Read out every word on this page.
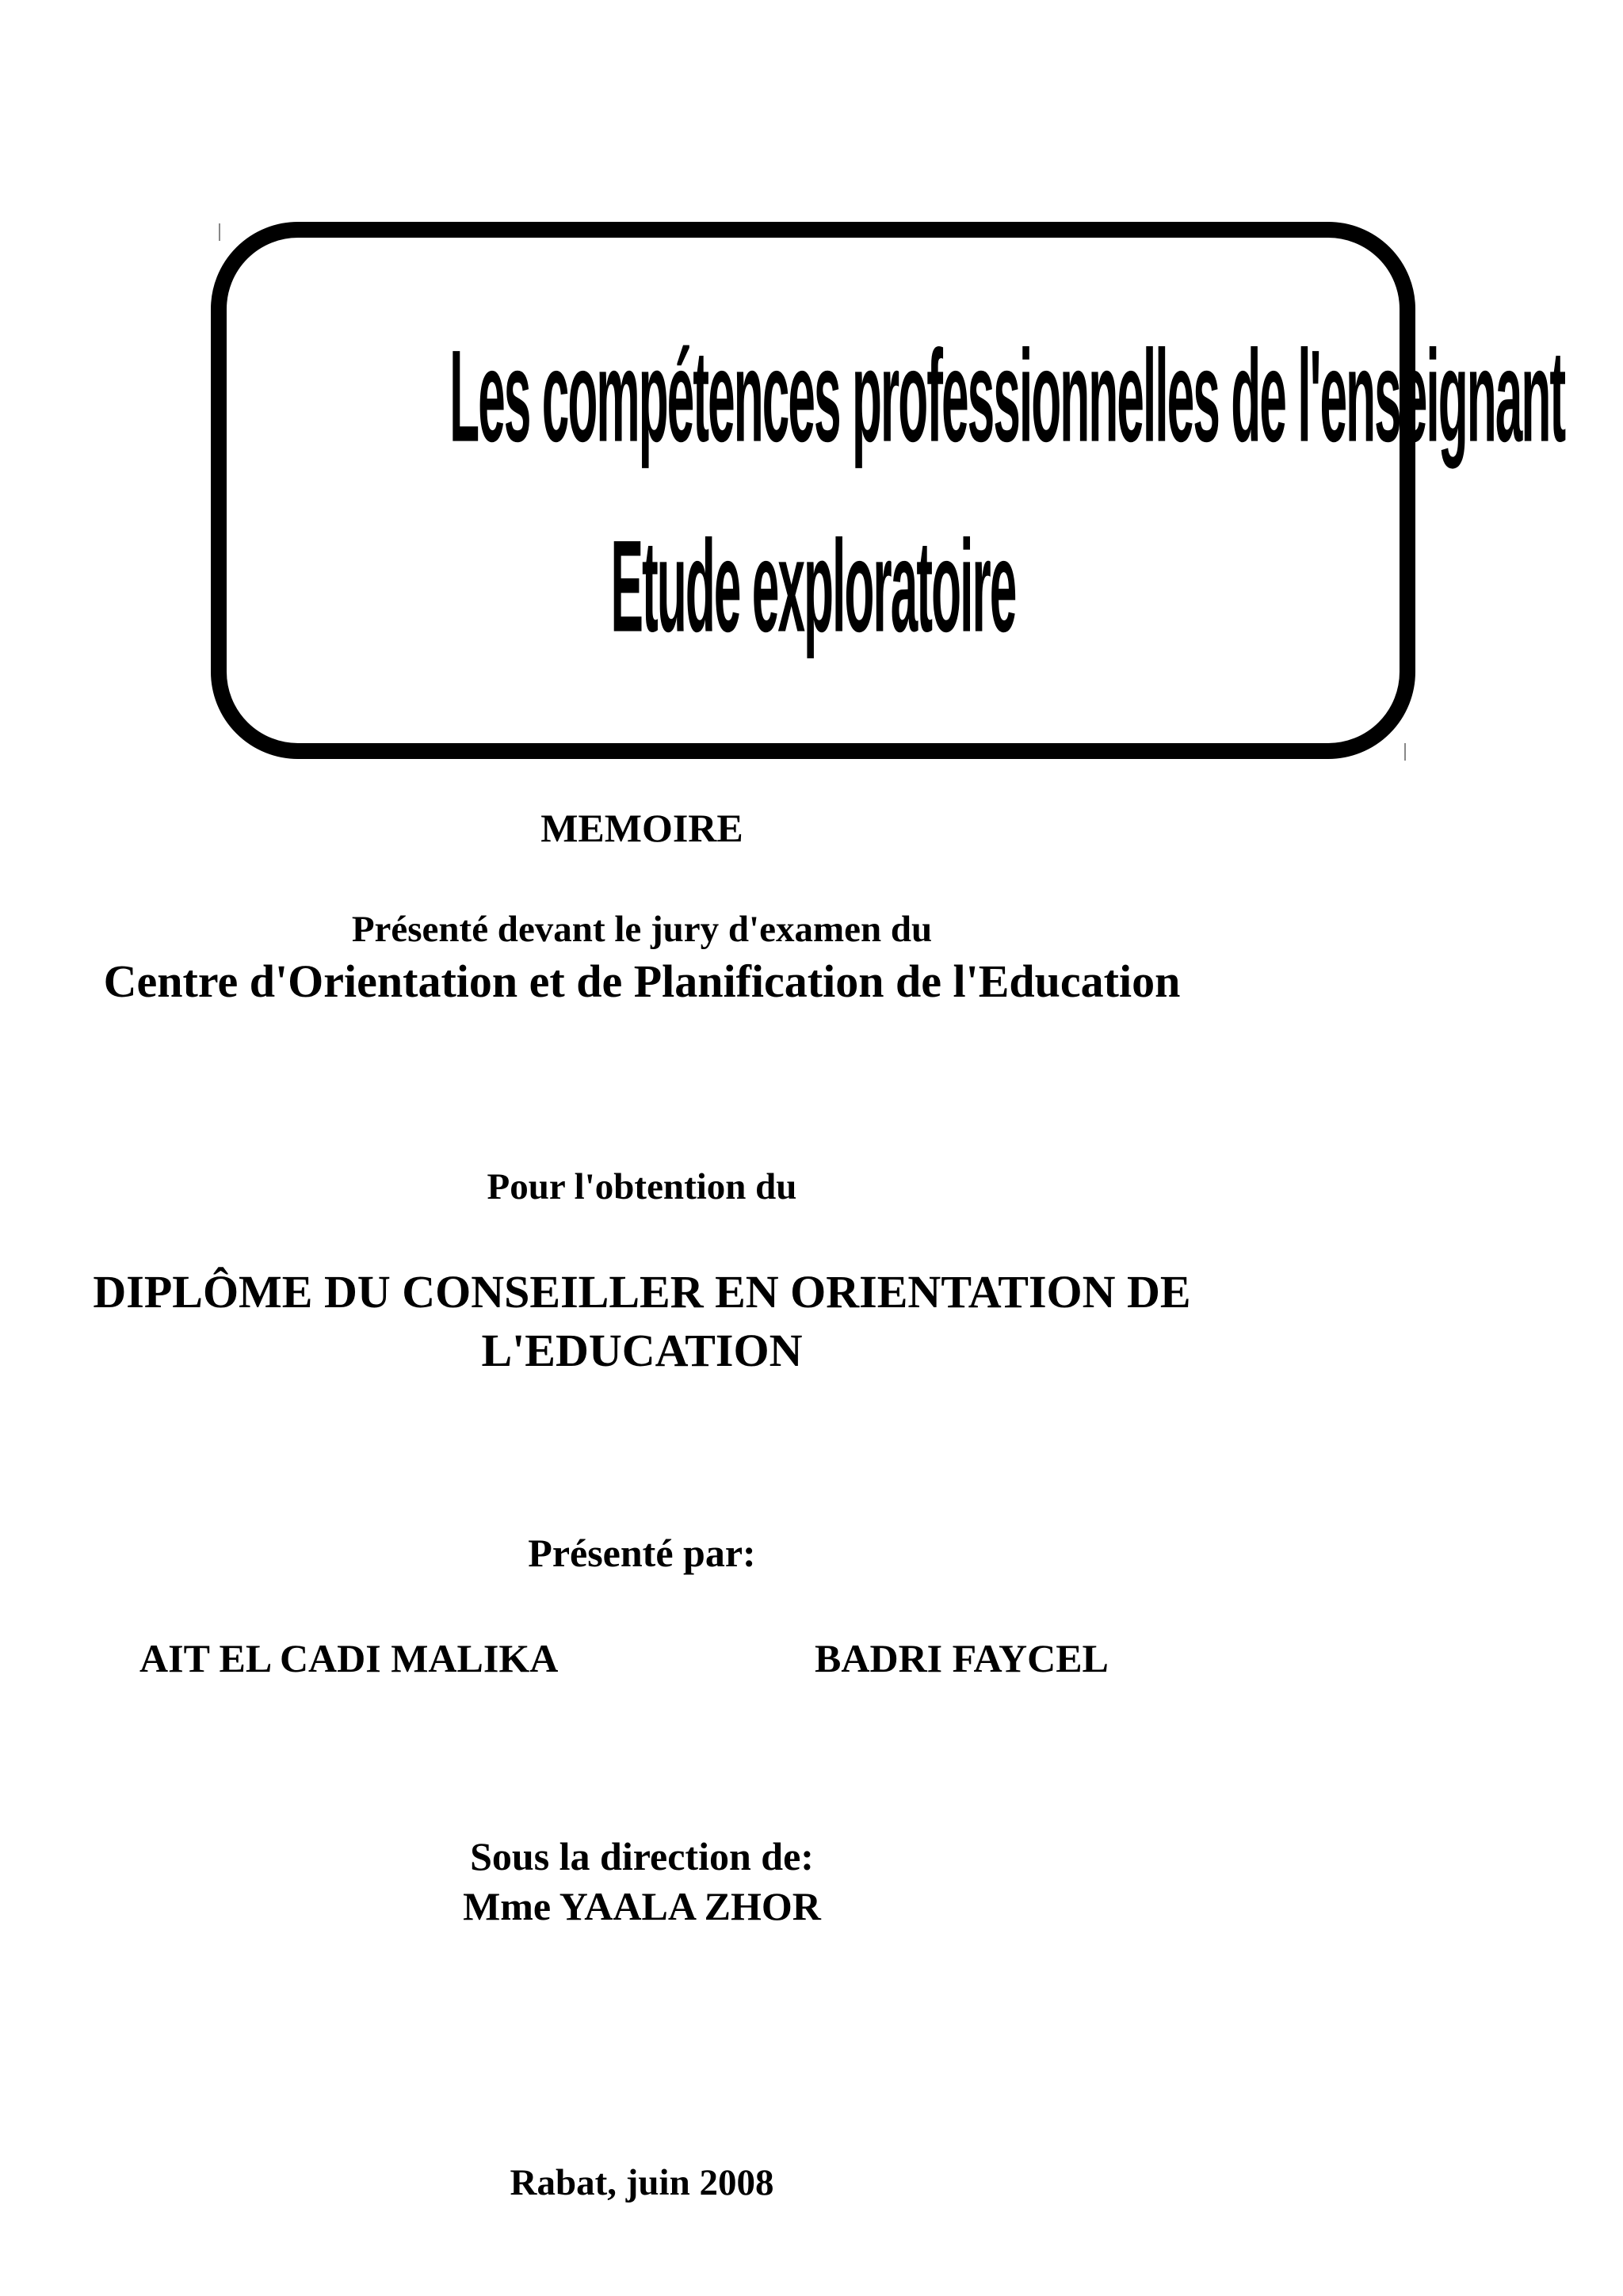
Les compétences professionnelles de l'enseignant
Etude exploratoire
MEMOIRE
Présenté devant le jury d'examen du
Centre d'Orientation et de Planification de l'Education
Pour l'obtention du
DIPLÔME DU CONSEILLER EN ORIENTATION DE
L'EDUCATION
Présenté par:
AIT EL CADI MALIKA	BADRI FAYCEL
Sous la direction de:
Mme YAALA ZHOR
Rabat, juin 2008
